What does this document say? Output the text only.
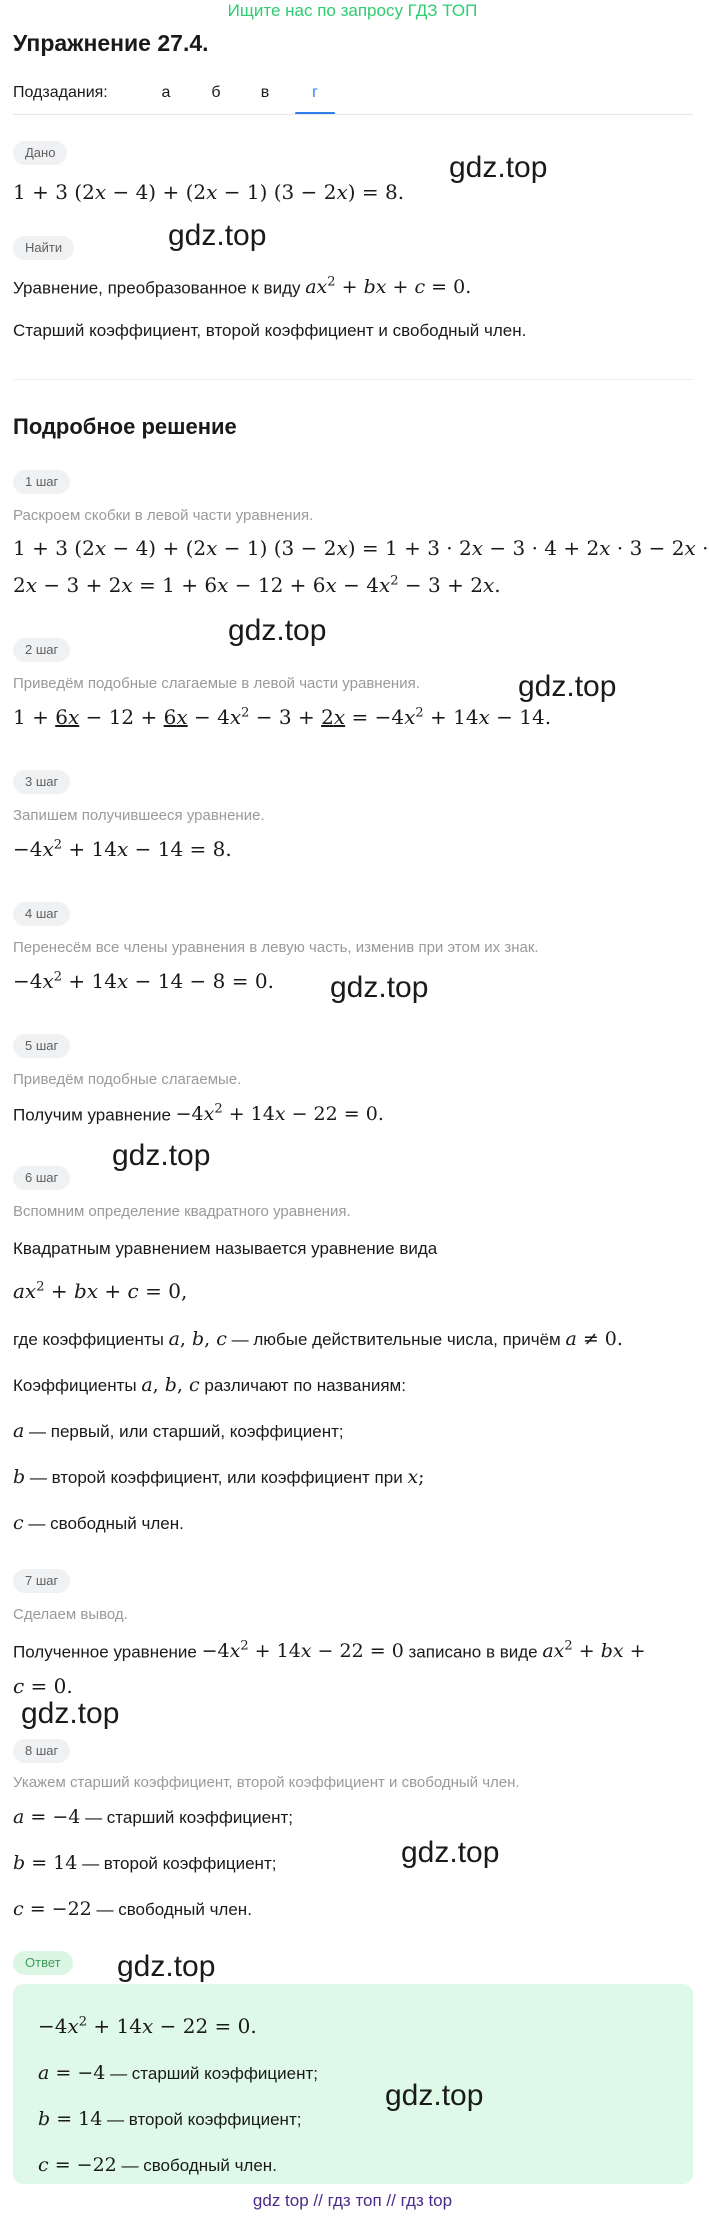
Ищите нас по запросу ГДЗ ТОП
Упражнение 27.4.
Подзадания:	а	б	в	г
Дано
1 + 3 (2x − 4) + (2x − 1) (3 − 2x) = 8.
Найти
Уравнение, преобразованное к виду $ax^2$ + bx + c = 0.
Старший коэффициент, второй коэффициент и свободный член.
Подробное решение
1 шаг
Раскроем скобки в левой части уравнения.
1 + 3 (2x − 4) + (2x − 1) (3 − 2x) = 1 + 3 · 2x − 3 · 4 + 2x · 3 − 2x ·
$2x - 3 + 2x = 1 + 6x - 12 + 6x - 4x^2 - 3 + 2x$.
2 шаг
Приведём подобные слагаемые в левой части уравнения.
$1 + 6x - 12 + 6x - 4x^2 - 3 + 2x = -4x^2 + 14x - 14$.
3 шаг
Запишем получившееся уравнение.
$-4x^2 + 14x - 14 = 8$.
4 шаг
Перенесём все члены уравнения в левую часть, изменив при этом их знак.
$-4x^2 + 14x - 14 - 8 = 0$.
5 шаг
Приведём подобные слагаемые.
Получим уравнение $-4x^2 + 14x - 22 = 0$.
6 шаг
Вспомним определение квадратного уравнения.
Квадратным уравнением называется уравнение вида
$ax^2$ + bx + c = 0,
где коэффициенты a, b, c — любые действительные числа, причём a ≠ 0.
Коэффициенты a, b, c различают по названиям:
a — первый, или старший, коэффициент;
b — второй коэффициент, или коэффициент при x;
c — свободный член.
7 шаг
Сделаем вывод.
Полученное уравнение $-4x^2 + 14x - 22 = 0$ записано в виде $ax^2$ + bx +
c = 0.
8 шаг
Укажем старший коэффициент, второй коэффициент и свободный член.
a = −4 — старший коэффициент;
b = 14 — второй коэффициент;
c = −22 — свободный член.
Ответ
$-4x^2 + 14x - 22 = 0$.
a = −4 — старший коэффициент;
b = 14 — второй коэффициент;
c = −22 — свободный член.
gdz.top
gdz.top
gdz.top
gdz.top
gdz.top
gdz.top
gdz.top
gdz.top
gdz.top
gdz.top
gdz top // гдз топ // гдз top
